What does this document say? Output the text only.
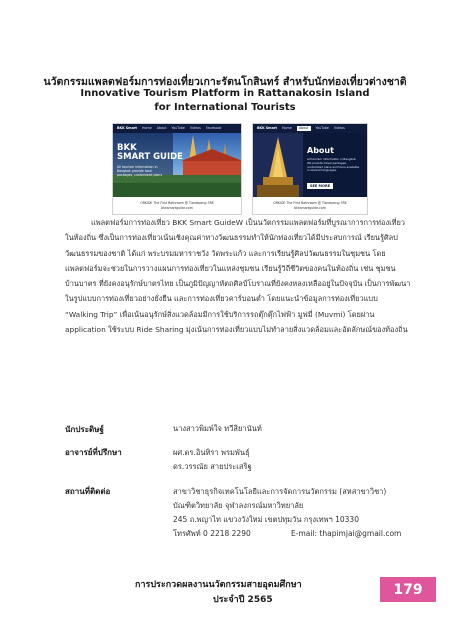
นวัตกรรมแพลตฟอร์มการท่องเที่ยวเกาะรัตนโกสินทร์ สำหรับนักท่องเที่ยวต่างชาติ
Innovative Tourism Platform in Rattanakosin Island
for International Tourists
BKK Smart Home About YouTube Videos Facebook
BKK
SMART GUIDE
All tourism information in Bangkok provide local packages, customized plans
ORKIDE The First Bathroom @ Tianlepeng 3RE
bkksmartguide.com
BKK Smart Home	About	YouTube Videos
About
All tourism information in Bangkok. We provide travel packages, customized plans and tours available in several languages.
SEE MORE
ORKIDE The First Bathroom @ Tianlepeng 3RE
bkksmartguide.com

แพลตฟอร์มการท่องเที่ยว BKK Smart GuideW เป็นนวัตกรรมแพลตฟอร์มที่บูรณาการการท่องเที่ยวในท้องถิ่น ซึ่งเป็นการท่องเที่ยวเน้นเชิงคุณค่าทางวัฒนธรรมทำให้นักท่องเที่ยวได้มีประสบการณ์ เรียนรู้ศิลปวัฒนธรรมของชาติ ได้แก่ พระบรมมหาราชวัง วัดพระแก้ว และการเรียนรู้ศิลปวัฒนธรรมในชุมชน โดยแพลตฟอร์มจะช่วยในการวางแผนการท่องเที่ยวในแหล่งชุมชน เรียนรู้วิถีชีวิตของคนในท้องถิ่น เช่น ชุมชนบ้านบาตร ที่ยังคงอนุรักษ์บาตรไทย เป็นภูมิปัญญาหัตถศิลป์โบราณที่ยังคงหลงเหลืออยู่ในปัจจุบัน เป็นการพัฒนาในรูปแบบการท่องเที่ยวอย่างยั่งยืน และการท่องเที่ยวคาร์บอนต่ำ โดยแนะนำข้อมูลการท่องเที่ยวแบบ “Walking Trip” เพื่อเน้นอนุรักษ์สิ่งแวดล้อมมีการใช้บริการรถตุ๊กตุ๊กไฟฟ้า มูฟมี่ (Muvmi) โดยผ่าน application ใช้ระบบ Ride Sharing มุ่งเน้นการท่องเที่ยวแบบไม่ทำลายสิ่งแวดล้อมและอัตลักษณ์ของท้องถิ่น

นักประดิษฐ์	นางสาวพิมพ์ใจ ทวีสิยานันท์
อาจารย์ที่ปรึกษา	ผศ.ดร.อินทิรา พรมพันธุ์
ดร.วรรณัย สายประเสริฐ
สถานที่ติดต่อ	สาขาวิชาธุรกิจเทคโนโลยีและการจัดการนวัตกรรม (สหสาขาวิชา)
บัณฑิตวิทยาลัย จุฬาลงกรณ์มหาวิทยาลัย
245 ถ.พญาไท แขวงวังใหม่ เขตปทุมวัน กรุงเทพฯ 10330
โทรศัพท์ 0 2218 2290	E-mail: thapimjai@gmail.com
การประกวดผลงานนวัตกรรมสายอุดมศึกษา
ประจำปี 2565
179
